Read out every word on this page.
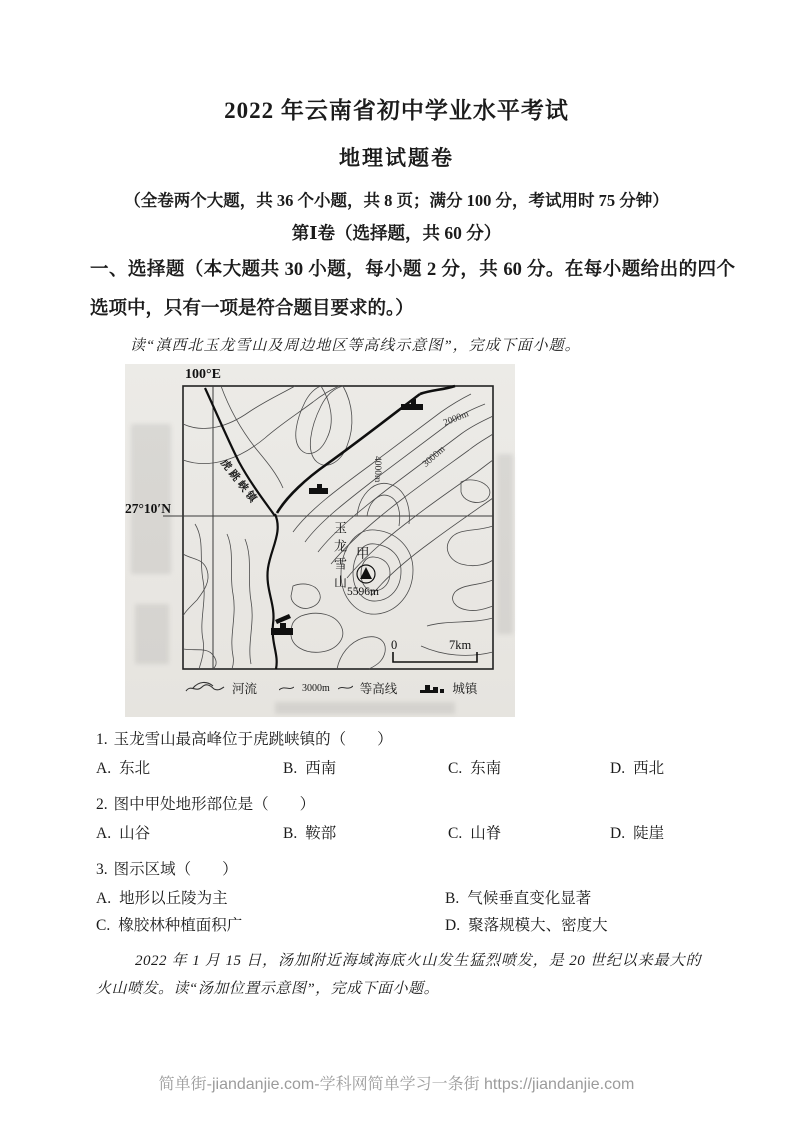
2022 年云南省初中学业水平考试
地理试题卷
（全卷两个大题，共 36 个小题，共 8 页；满分 100 分，考试用时 75 分钟）
第Ⅰ卷（选择题，共 60 分）
一、选择题（本大题共 30 小题，每小题 2 分，共 60 分。在每小题给出的四个选项中，只有一项是符合题目要求的。）
读“滇西北玉龙雪山及周边地区等高线示意图”，完成下面小题。
100°E
27°10′N
2000m
3000m
4000m
虎跳峡镇
玉龙雪山 甲
5596m
0	7km
河流	3000m 等高线	城镇
1. 玉龙雪山最高峰位于虎跳峡镇的（　　）
A. 东北	B. 西南	C. 东南	D. 西北
2. 图中甲处地形部位是（　　）
A. 山谷	B. 鞍部	C. 山脊	D. 陡崖
3. 图示区域（　　）
A. 地形以丘陵为主	B. 气候垂直变化显著
C. 橡胶林种植面积广	D. 聚落规模大、密度大
2022 年 1 月 15 日，汤加附近海域海底火山发生猛烈喷发，是 20 世纪以来最大的火山喷发。读“汤加位置示意图”，完成下面小题。
简单街-jiandanjie.com-学科网简单学习一条街 https://jiandanjie.com
